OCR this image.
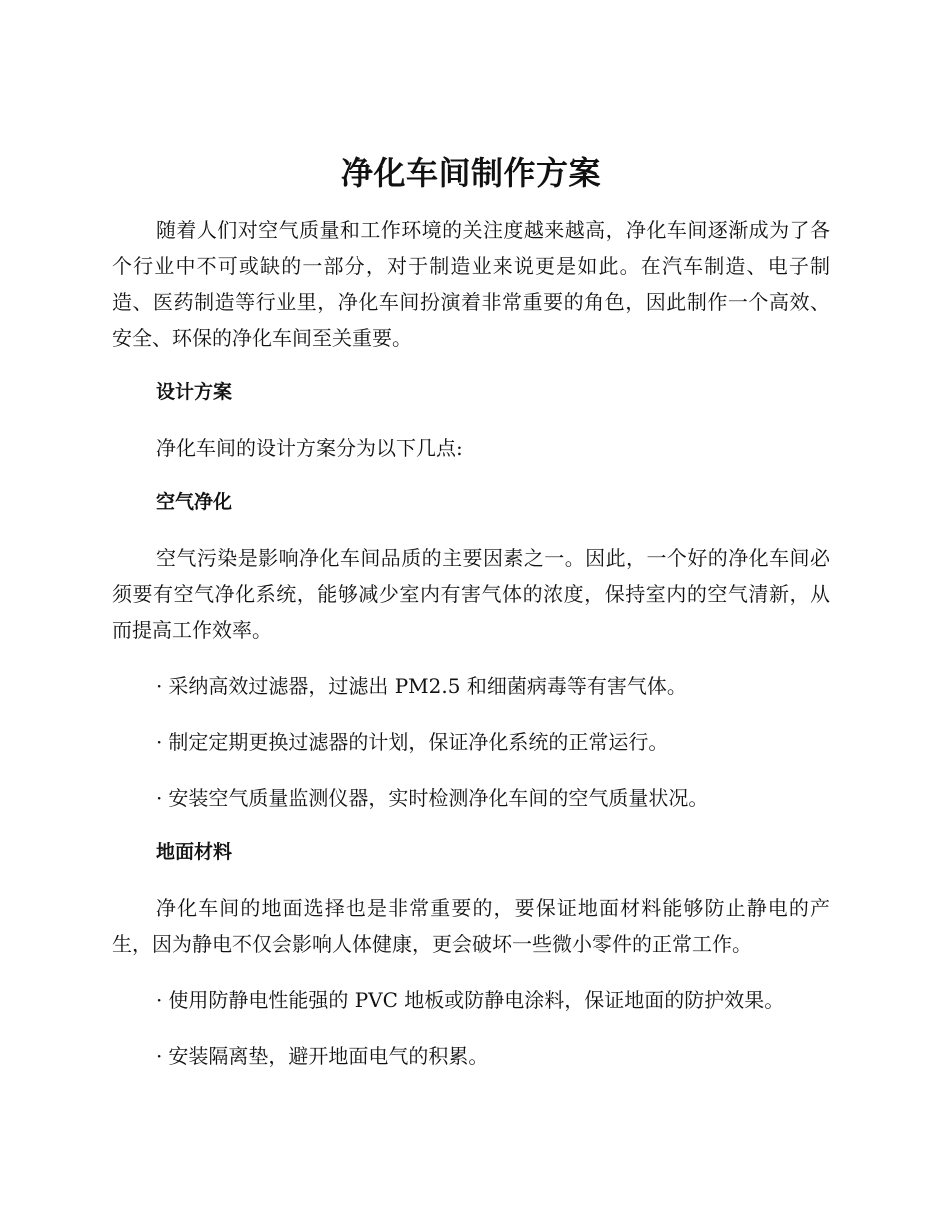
净化车间制作方案

随着人们对空气质量和工作环境的关注度越来越高，净化车间逐渐成为了各个行业中不可或缺的一部分，对于制造业来说更是如此。在汽车制造、电子制造、医药制造等行业里，净化车间扮演着非常重要的角色，因此制作一个高效、安全、环保的净化车间至关重要。

设计方案

净化车间的设计方案分为以下几点:

空气净化

空气污染是影响净化车间品质的主要因素之一。因此，一个好的净化车间必须要有空气净化系统，能够减少室内有害气体的浓度，保持室内的空气清新，从而提高工作效率。

· 采纳高效过滤器，过滤出 PM2.5 和细菌病毒等有害气体。
· 制定定期更换过滤器的计划，保证净化系统的正常运行。
· 安装空气质量监测仪器，实时检测净化车间的空气质量状况。
地面材料

净化车间的地面选择也是非常重要的，要保证地面材料能够防止静电的产生，因为静电不仅会影响人体健康，更会破坏一些微小零件的正常工作。

· 使用防静电性能强的 PVC 地板或防静电涂料，保证地面的防护效果。
· 安装隔离垫，避开地面电气的积累。
